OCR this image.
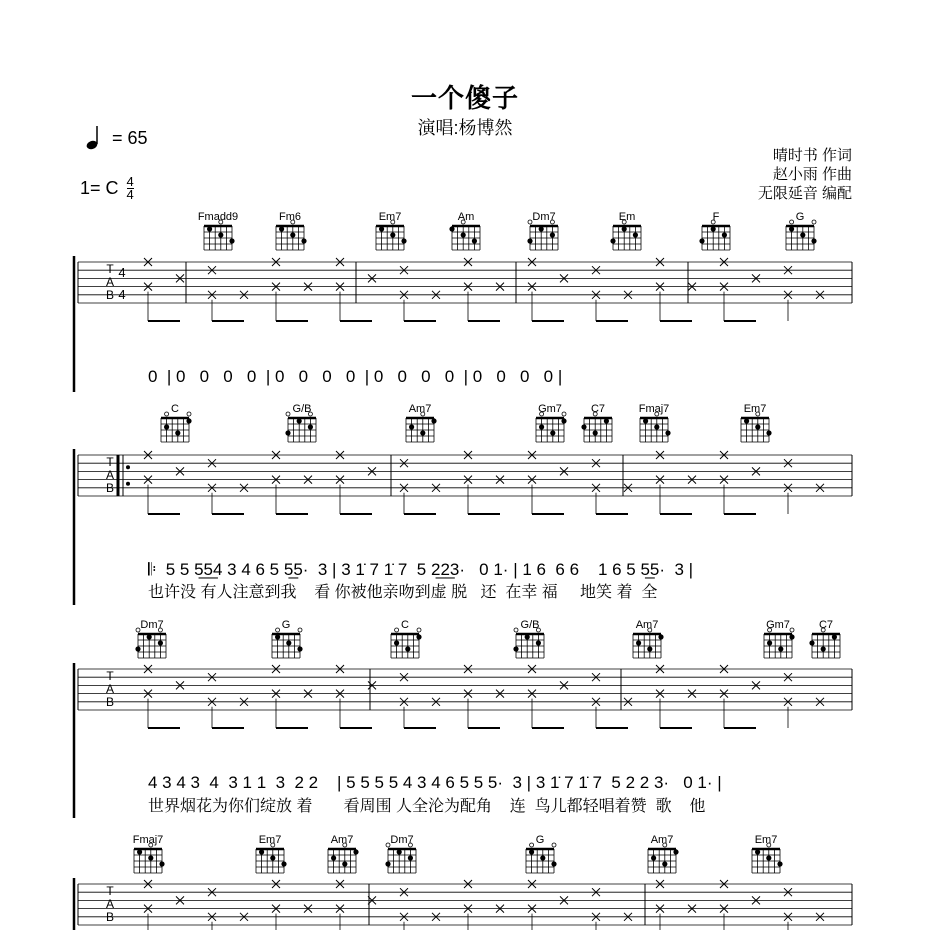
一个傻子
演唱:杨博然
= 65
1= C $\frac{4}{4}$
晴时书 作词
赵小雨 作曲
无限延音 编配
Fmadd9	Fm6	Em7	Am	Dm7	Em	F	G
T
A
B
4
4
0  | 0   0   0   0  | 0   0   0   0  | 0   0   0   0  | 0   0   0   0 |
C	G/B	Am7	Gm7	C7	Fmaj7	Em7
T
A
B
𝄆  5 5 5̲5̲4 3 4 6 5 5̲5·  3 | 3 1̇ 7 1̇ 7  5 2̲2̲3·   0 1· | 1 6  6 6    1 6 5 5̲5·  3 |
也许没 有人注意到我    看 你被他亲吻到虚 脱   还  在幸 福     地笑 着  全
Dm7	G	C	G/B	Am7	Gm7	C7
T
A
B
4 3 4 3  4  3 1 1  3  2 2    | 5 5 5 5 4 3 4 6 5 5 5·  3 | 3 1̇ 7 1̇ 7  5 2 2 3·   0 1· |
世界烟花为你们绽放 着       看周围 人全沦为配角    连  鸟儿都轻唱着赞  歌    他
Fmaj7	Em7	Am7	Dm7	G	Am7	Em7
T
A
B
